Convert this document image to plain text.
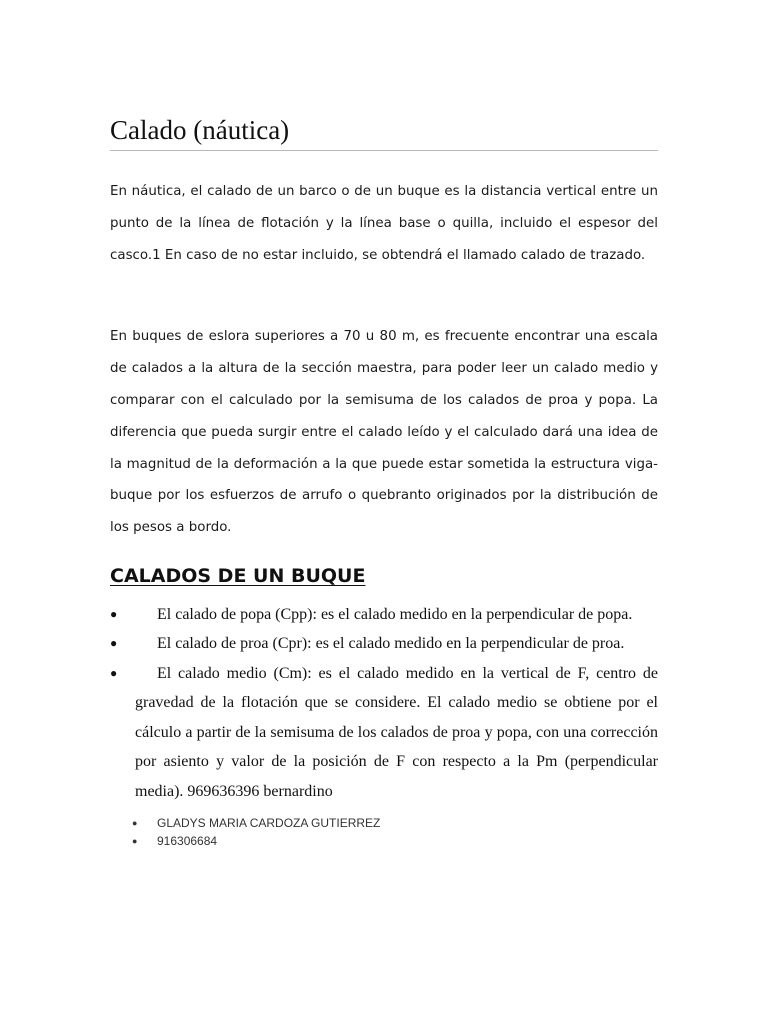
Calado (náutica)

En náutica, el calado de un barco o de un buque es la distancia vertical entre un punto de la línea de flotación y la línea base o quilla, incluido el espesor del casco.1 En caso de no estar incluido, se obtendrá el llamado calado de trazado.

En buques de eslora superiores a 70 u 80 m, es frecuente encontrar una escala de calados a la altura de la sección maestra, para poder leer un calado medio y comparar con el calculado por la semisuma de los calados de proa y popa. La diferencia que pueda surgir entre el calado leído y el calculado dará una idea de la magnitud de la deformación a la que puede estar sometida la estructura viga-buque por los esfuerzos de arrufo o quebranto originados por la distribución de los pesos a bordo.

CALADOS DE UN BUQUE
●	El calado de popa (Cpp): es el calado medido en la perpendicular de popa.
●	El calado de proa (Cpr): es el calado medido en la perpendicular de proa.
●	El calado medio (Cm): es el calado medido en la vertical de F, centro de gravedad de la flotación que se considere. El calado medio se obtiene por el cálculo a partir de la semisuma de los calados de proa y popa, con una corrección por asiento y valor de la posición de F con respecto a la Pm (perpendicular media). 969636396 bernardino
● GLADYS MARIA CARDOZA GUTIERREZ
● 916306684
